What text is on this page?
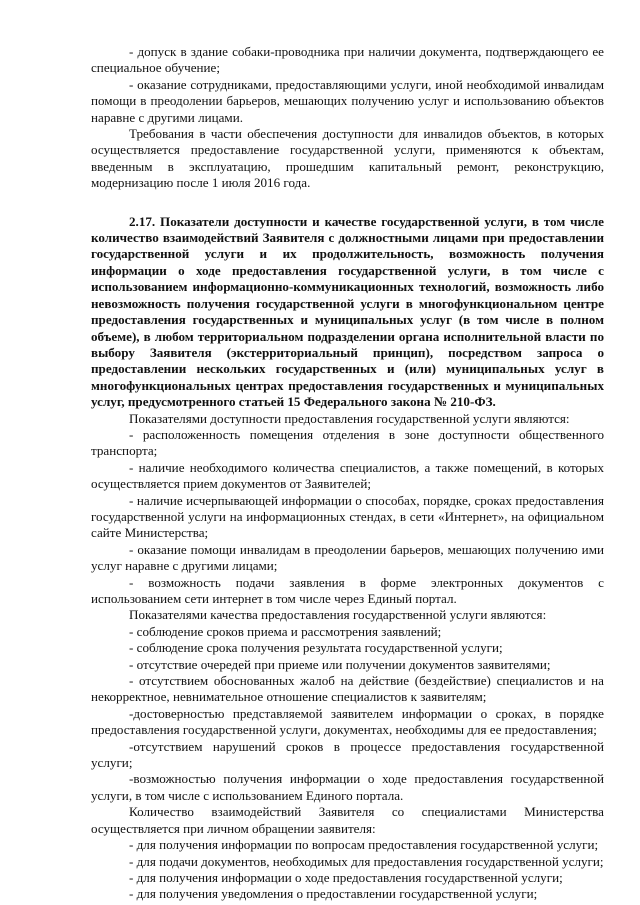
- допуск в здание собаки-проводника при наличии документа, подтверждающего ее специальное обучение;

- оказание сотрудниками, предоставляющими услуги, иной необходимой инвалидам помощи в преодолении барьеров, мешающих получению услуг и использованию объектов наравне с другими лицами.

Требования в части обеспечения доступности для инвалидов объектов, в которых осуществляется предоставление государственной услуги, применяются к объектам, введенным в эксплуатацию, прошедшим капитальный ремонт, реконструкцию, модернизацию после 1 июля 2016 года.

2.17. Показатели доступности и качестве государственной услуги, в том числе количество взаимодействий Заявителя с должностными лицами при предоставлении государственной услуги и их продолжительность, возможность получения информации о ходе предоставления государственной услуги, в том числе с использованием информационно-коммуникационных технологий, возможность либо невозможность получения государственной услуги в многофункциональном центре предоставления государственных и муниципальных услуг (в том числе в полном объеме), в любом территориальном подразделении органа исполнительной власти по выбору Заявителя (экстерриториальный принцип), посредством запроса о предоставлении нескольких государственных и (или) муниципальных услуг в многофункциональных центрах предоставления государственных и муниципальных услуг, предусмотренного статьей 15 Федерального закона № 210-ФЗ.

Показателями доступности предоставления государственной услуги являются:

- расположенность помещения отделения в зоне доступности общественного транспорта;

- наличие необходимого количества специалистов, а также помещений, в которых осуществляется прием документов от Заявителей;

- наличие исчерпывающей информации о способах, порядке, сроках предоставления государственной услуги на информационных стендах, в сети «Интернет», на официальном сайте Министерства;

- оказание помощи инвалидам в преодолении барьеров, мешающих получению ими услуг наравне с другими лицами;

- возможность подачи заявления в форме электронных документов с использованием сети интернет в том числе через Единый портал.

Показателями качества предоставления государственной услуги являются:

- соблюдение сроков приема и рассмотрения заявлений;

- соблюдение срока получения результата государственной услуги;

- отсутствие очередей при приеме или получении документов заявителями;

- отсутствием обоснованных жалоб на действие (бездействие) специалистов и на некорректное, невнимательное отношение специалистов к заявителям;

-достоверностью представляемой заявителем информации о сроках, в порядке предоставления государственной услуги, документах, необходимы для ее предоставления;

-отсутствием нарушений сроков в процессе предоставления государственной услуги;

-возможностью получения информации о ходе предоставления государственной услуги, в том числе с использованием Единого портала.

Количество взаимодействий Заявителя со специалистами Министерства осуществляется при личном обращении заявителя:

- для получения информации по вопросам предоставления государственной услуги;

- для подачи документов, необходимых для предоставления государственной услуги;

- для получения информации о ходе предоставления государственной услуги;

- для получения уведомления о предоставлении государственной услуги;
